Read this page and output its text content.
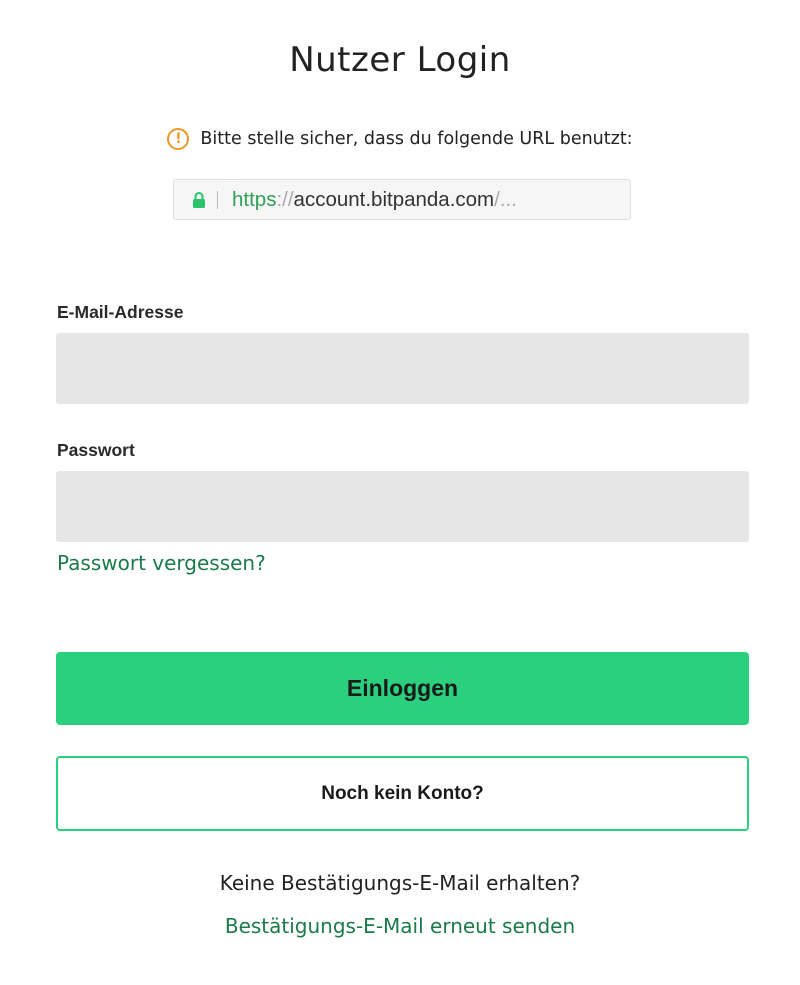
Nutzer Login
!	Bitte stelle sicher, dass du folgende URL benutzt:
https :// account.bitpanda.com /...
E-Mail-Adresse
Passwort
Passwort vergessen?
Einloggen
Noch kein Konto?
Keine Bestätigungs-E-Mail erhalten?
Bestätigungs-E-Mail erneut senden
